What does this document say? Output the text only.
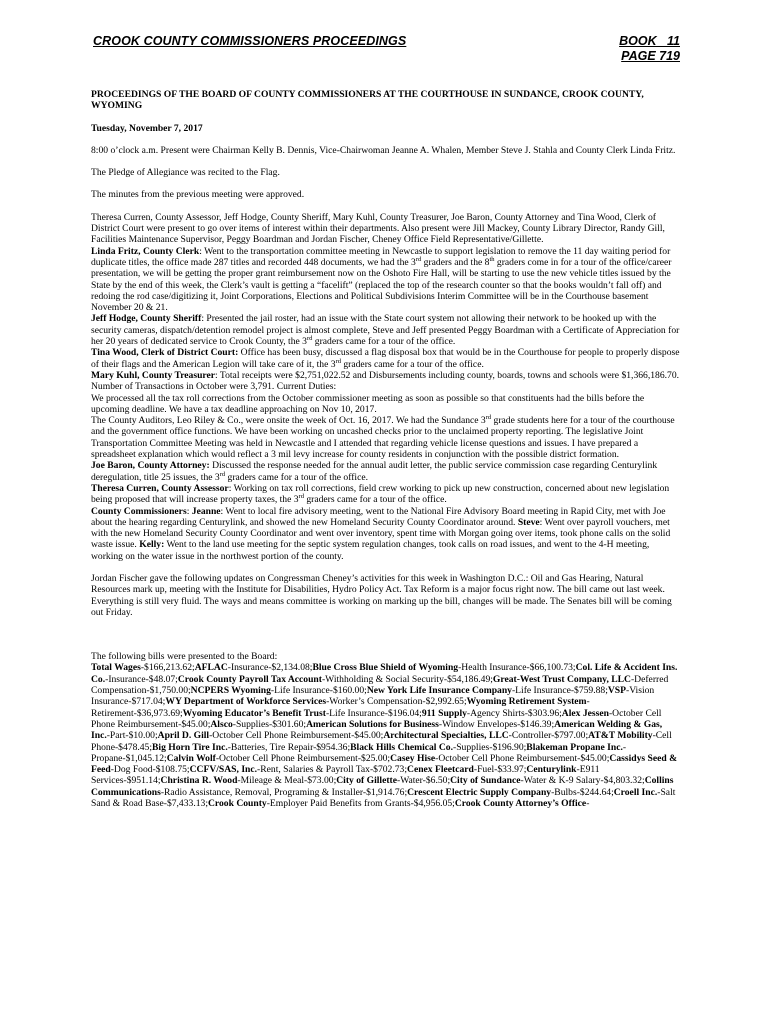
CROOK COUNTY COMMISSIONERS PROCEEDINGS	BOOK   11
PAGE 719

PROCEEDINGS OF THE BOARD OF COUNTY COMMISSIONERS AT THE COURTHOUSE IN SUNDANCE, CROOK COUNTY, WYOMING

Tuesday, November 7, 2017

8:00 o’clock a.m. Present were Chairman Kelly B. Dennis, Vice-Chairwoman Jeanne A. Whalen, Member Steve J. Stahla and County Clerk Linda Fritz.

The Pledge of Allegiance was recited to the Flag.

The minutes from the previous meeting were approved.

Theresa Curren, County Assessor, Jeff Hodge, County Sheriff, Mary Kuhl, County Treasurer, Joe Baron, County Attorney and Tina Wood, Clerk of District Court were present to go over items of interest within their departments. Also present were Jill Mackey, County Library Director, Randy Gill, Facilities Maintenance Supervisor, Peggy Boardman and Jordan Fischer, Cheney Office Field Representative/Gillette.

Linda Fritz, County Clerk: Went to the transportation committee meeting in Newcastle to support legislation to remove the 11 day waiting period for duplicate titles, the office made 287 titles and recorded 448 documents, we had the 3rd graders and the 8th graders come in for a tour of the office/career presentation, we will be getting the proper grant reimbursement now on the Oshoto Fire Hall, will be starting to use the new vehicle titles issued by the State by the end of this week, the Clerk’s vault is getting a “facelift” (replaced the top of the research counter so that the books wouldn’t fall off) and redoing the rod case/digitizing it, Joint Corporations, Elections and Political Subdivisions Interim Committee will be in the Courthouse basement November 20 & 21.

Jeff Hodge, County Sheriff: Presented the jail roster, had an issue with the State court system not allowing their network to be hooked up with the security cameras, dispatch/detention remodel project is almost complete, Steve and Jeff presented Peggy Boardman with a Certificate of Appreciation for her 20 years of dedicated service to Crook County, the 3rd graders came for a tour of the office.

Tina Wood, Clerk of District Court: Office has been busy, discussed a flag disposal box that would be in the Courthouse for people to properly dispose of their flags and the American Legion will take care of it, the 3rd graders came for a tour of the office.

Mary Kuhl, County Treasurer: Total receipts were $2,751,022.52 and Disbursements including county, boards, towns and schools were $1,366,186.70. Number of Transactions in October were 3,791. Current Duties:

We processed all the tax roll corrections from the October commissioner meeting as soon as possible so that constituents had the bills before the upcoming deadline. We have a tax deadline approaching on Nov 10, 2017.

The County Auditors, Leo Riley & Co., were onsite the week of Oct. 16, 2017. We had the Sundance 3rd grade students here for a tour of the courthouse and the government office functions. We have been working on uncashed checks prior to the unclaimed property reporting. The legislative Joint Transportation Committee Meeting was held in Newcastle and I attended that regarding vehicle license questions and issues. I have prepared a spreadsheet explanation which would reflect a 3 mil levy increase for county residents in conjunction with the possible district formation.

Joe Baron, County Attorney: Discussed the response needed for the annual audit letter, the public service commission case regarding Centurylink deregulation, title 25 issues, the 3rd graders came for a tour of the office.

Theresa Curren, County Assessor: Working on tax roll corrections, field crew working to pick up new construction, concerned about new legislation being proposed that will increase property taxes, the 3rd graders came for a tour of the office.

County Commissioners: Jeanne: Went to local fire advisory meeting, went to the National Fire Advisory Board meeting in Rapid City, met with Joe about the hearing regarding Centurylink, and showed the new Homeland Security County Coordinator around. Steve: Went over payroll vouchers, met with the new Homeland Security County Coordinator and went over inventory, spent time with Morgan going over items, took phone calls on the solid waste issue. Kelly: Went to the land use meeting for the septic system regulation changes, took calls on road issues, and went to the 4-H meeting, working on the water issue in the northwest portion of the county.

Jordan Fischer gave the following updates on Congressman Cheney’s activities for this week in Washington D.C.: Oil and Gas Hearing, Natural Resources mark up, meeting with the Institute for Disabilities, Hydro Policy Act. Tax Reform is a major focus right now. The bill came out last week. Everything is still very fluid. The ways and means committee is working on marking up the bill, changes will be made. The Senates bill will be coming out Friday.

The following bills were presented to the Board:

Total Wages-$166,213.62;AFLAC-Insurance-$2,134.08;Blue Cross Blue Shield of Wyoming-Health Insurance-$66,100.73;Col. Life & Accident Ins. Co.-Insurance-$48.07;Crook County Payroll Tax Account-Withholding & Social Security-$54,186.49;Great-West Trust Company, LLC-Deferred Compensation-$1,750.00;NCPERS Wyoming-Life Insurance-$160.00;New York Life Insurance Company-Life Insurance-$759.88;VSP-Vision Insurance-$717.04;WY Department of Workforce Services-Worker’s Compensation-$2,992.65;Wyoming Retirement System-Retirement-$36,973.69;Wyoming Educator’s Benefit Trust-Life Insurance-$196.04;911 Supply-Agency Shirts-$303.96;Alex Jessen-October Cell Phone Reimbursement-$45.00;Alsco-Supplies-$301.60;American Solutions for Business-Window Envelopes-$146.39;American Welding & Gas, Inc.-Part-$10.00;April D. Gill-October Cell Phone Reimbursement-$45.00;Architectural Specialties, LLC-Controller-$797.00;AT&T Mobility-Cell Phone-$478.45;Big Horn Tire Inc.-Batteries, Tire Repair-$954.36;Black Hills Chemical Co.-Supplies-$196.90;Blakeman Propane Inc.-Propane-$1,045.12;Calvin Wolf-October Cell Phone Reimbursement-$25.00;Casey Hise-October Cell Phone Reimbursement-$45.00;Cassidys Seed & Feed-Dog Food-$108.75;CCFV/SAS, Inc.-Rent, Salaries & Payroll Tax-$702.73;Cenex Fleetcard-Fuel-$33.97;Centurylink-E911 Services-$951.14;Christina R. Wood-Mileage & Meal-$73.00;City of Gillette-Water-$6.50;City of Sundance-Water & K-9 Salary-$4,803.32;Collins Communications-Radio Assistance, Removal, Programing & Installer-$1,914.76;Crescent Electric Supply Company-Bulbs-$244.64;Croell Inc.-Salt Sand & Road Base-$7,433.13;Crook County-Employer Paid Benefits from Grants-$4,956.05;Crook County Attorney’s Office-
